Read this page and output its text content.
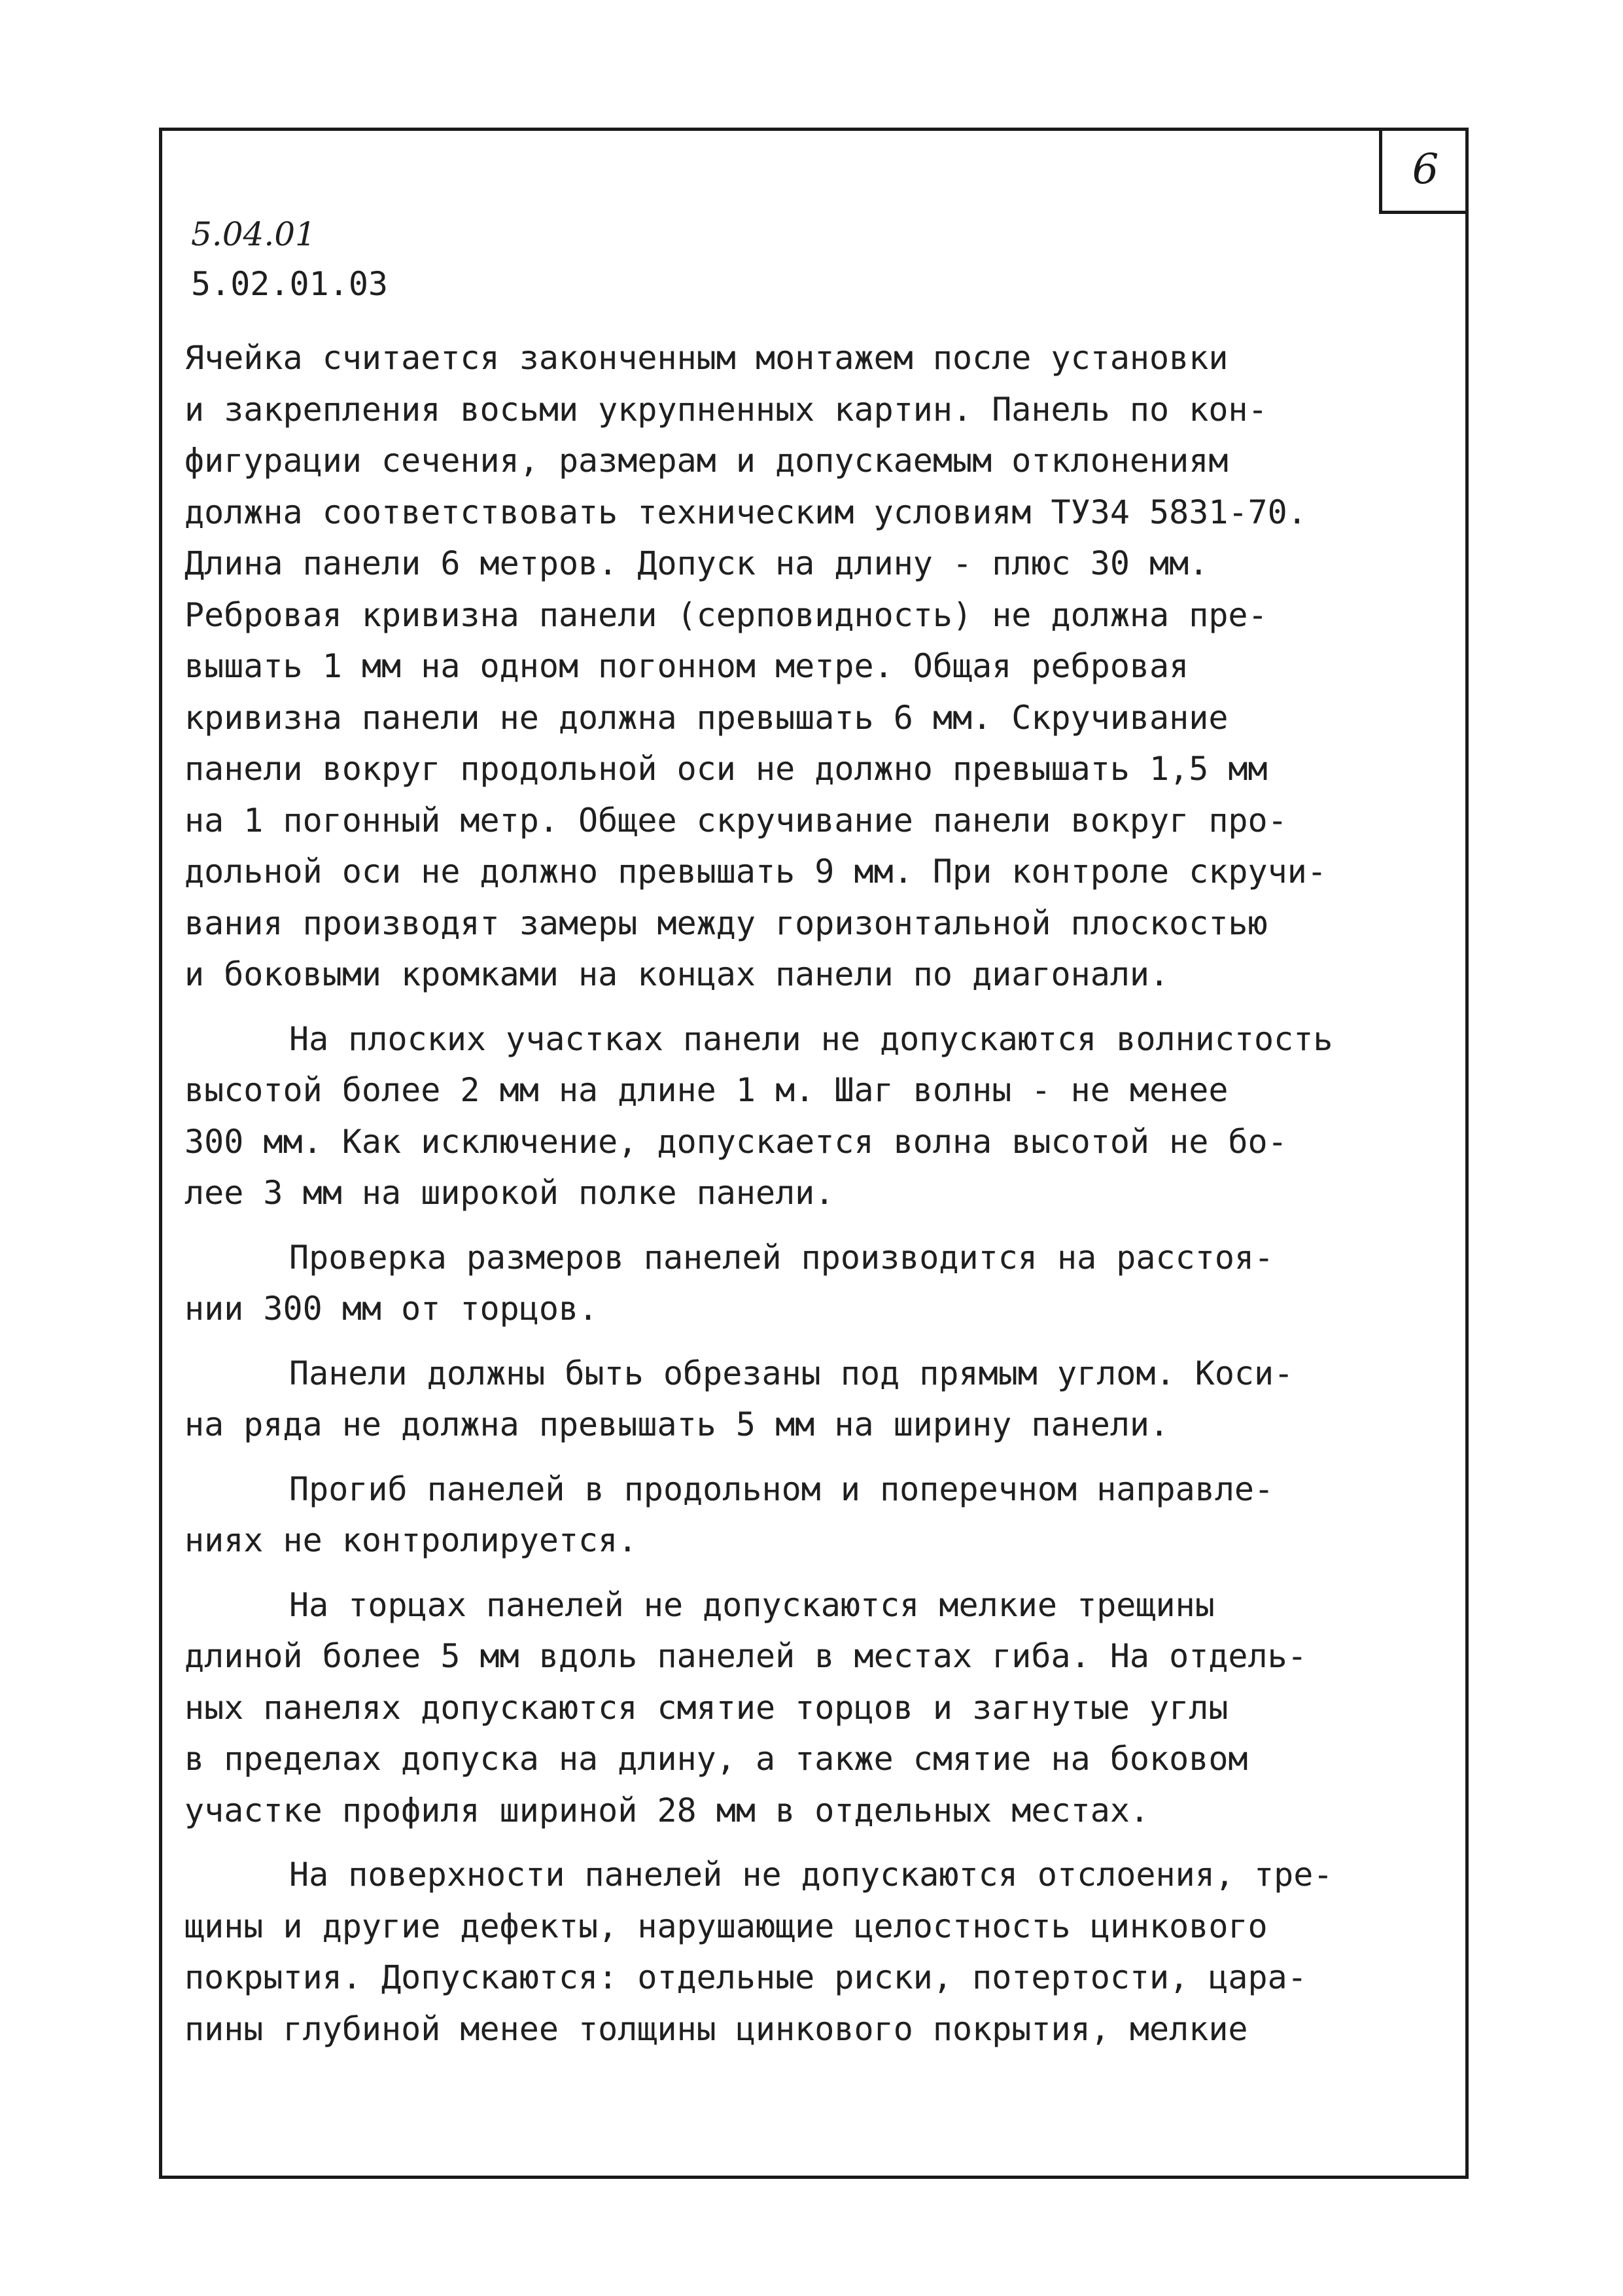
6
5.04.01
5.02.01.03
Ячейка считается законченным монтажем после установки
и закрепления восьми укрупненных картин. Панель по кон-
фигурации сечения, размерам и допускаемым отклонениям
должна соответствовать техническим условиям ТУ34 5831-70.
Длина панели 6 метров. Допуск на длину - плюс 30 мм.
Ребровая кривизна панели (серповидность) не должна пре-
вышать 1 мм на одном погонном метре. Общая ребровая
кривизна панели не должна превышать 6 мм. Скручивание
панели вокруг продольной оси не должно превышать 1,5 мм
на 1 погонный метр. Общее скручивание панели вокруг про-
дольной оси не должно превышать 9 мм. При контроле скручи-
вания производят замеры между горизонтальной плоскостью
и боковыми кромками на концах панели по диагонали.
На плоских участках панели не допускаются волнистость
высотой более 2 мм на длине 1 м. Шаг волны - не менее
300 мм. Как исключение, допускается волна высотой не бо-
лее 3 мм на широкой полке панели.
Проверка размеров панелей производится на расстоя-
нии 300 мм от торцов.
Панели должны быть обрезаны под прямым углом. Коси-
на ряда не должна превышать 5 мм на ширину панели.
Прогиб панелей в продольном и поперечном направле-
ниях не контролируется.
На торцах панелей не допускаются мелкие трещины
длиной более 5 мм вдоль панелей в местах гиба. На отдель-
ных панелях допускаются смятие торцов и загнутые углы
в пределах допуска на длину, а также смятие на боковом
участке профиля шириной 28 мм в отдельных местах.
На поверхности панелей не допускаются отслоения, тре-
щины и другие дефекты, нарушающие целостность цинкового
покрытия. Допускаются: отдельные риски, потертости, цара-
пины глубиной менее толщины цинкового покрытия, мелкие
